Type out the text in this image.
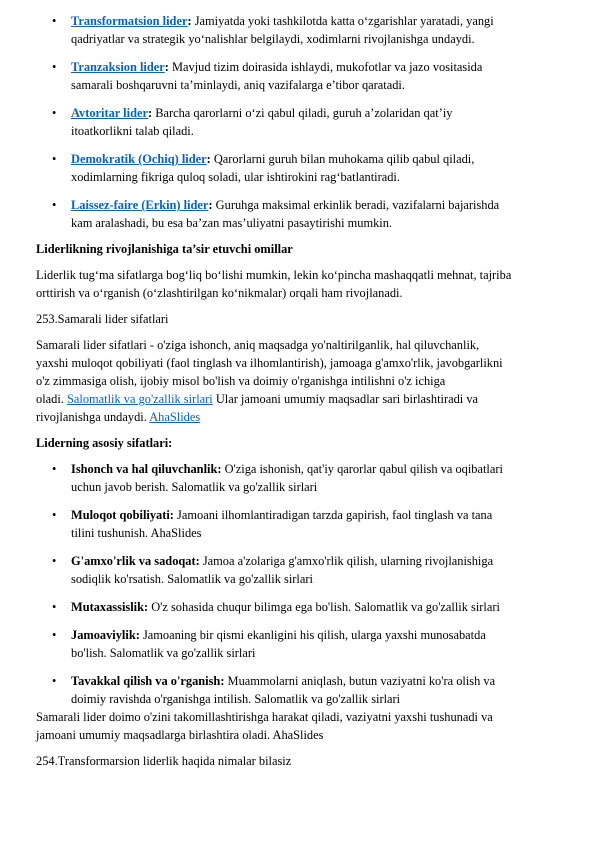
• Transformatsion lider: Jamiyatda yoki tashkilotda katta o‘zgarishlar yaratadi, yangi
qadriyatlar va strategik yo‘nalishlar belgilaydi, xodimlarni rivojlanishga undaydi.
• Tranzaksion lider: Mavjud tizim doirasida ishlaydi, mukofotlar va jazo vositasida
samarali boshqaruvni ta’minlaydi, aniq vazifalarga e’tibor qaratadi.
• Avtoritar lider: Barcha qarorlarni o‘zi qabul qiladi, guruh a’zolaridan qat’iy
itoatkorlikni talab qiladi.
• Demokratik (Ochiq) lider: Qarorlarni guruh bilan muhokama qilib qabul qiladi,
xodimlarning fikriga quloq soladi, ular ishtirokini rag‘batlantiradi.
• Laissez-faire (Erkin) lider: Guruhga maksimal erkinlik beradi, vazifalarni bajarishda
kam aralashadi, bu esa ba’zan mas’uliyatni pasaytirishi mumkin.
Liderlikning rivojlanishiga ta’sir etuvchi omillar
Liderlik tug‘ma sifatlarga bog‘liq bo‘lishi mumkin, lekin ko‘pincha mashaqqatli mehnat, tajriba
orttirish va o‘rganish (o‘zlashtirilgan ko‘nikmalar) orqali ham rivojlanadi.
253.Samarali lider sifatlari
Samarali lider sifatlari - o'ziga ishonch, aniq maqsadga yo'naltirilganlik, hal qiluvchanlik,
yaxshi muloqot qobiliyati (faol tinglash va ilhomlantirish), jamoaga g'amxo'rlik, javobgarlikni
o'z zimmasiga olish, ijobiy misol bo'lish va doimiy o'rganishga intilishni o'z ichiga
oladi. Salomatlik va go'zallik sirlari Ular jamoani umumiy maqsadlar sari birlashtiradi va
rivojlanishga undaydi. AhaSlides
Liderning asosiy sifatlari:
• Ishonch va hal qiluvchanlik: O'ziga ishonish, qat'iy qarorlar qabul qilish va oqibatlari
uchun javob berish. Salomatlik va go'zallik sirlari
• Muloqot qobiliyati: Jamoani ilhomlantiradigan tarzda gapirish, faol tinglash va tana
tilini tushunish. AhaSlides
• G'amxo'rlik va sadoqat: Jamoa a'zolariga g'amxo'rlik qilish, ularning rivojlanishiga
sodiqlik ko'rsatish. Salomatlik va go'zallik sirlari
• Mutaxassislik: O'z sohasida chuqur bilimga ega bo'lish. Salomatlik va go'zallik sirlari
• Jamoaviylik: Jamoaning bir qismi ekanligini his qilish, ularga yaxshi munosabatda
bo'lish. Salomatlik va go'zallik sirlari
• Tavakkal qilish va o'rganish: Muammolarni aniqlash, butun vaziyatni ko'ra olish va
doimiy ravishda o'rganishga intilish. Salomatlik va go'zallik sirlari
Samarali lider doimo o'zini takomillashtirishga harakat qiladi, vaziyatni yaxshi tushunadi va
jamoani umumiy maqsadlarga birlashtira oladi. AhaSlides
254.Transformarsion liderlik haqida nimalar bilasiz
